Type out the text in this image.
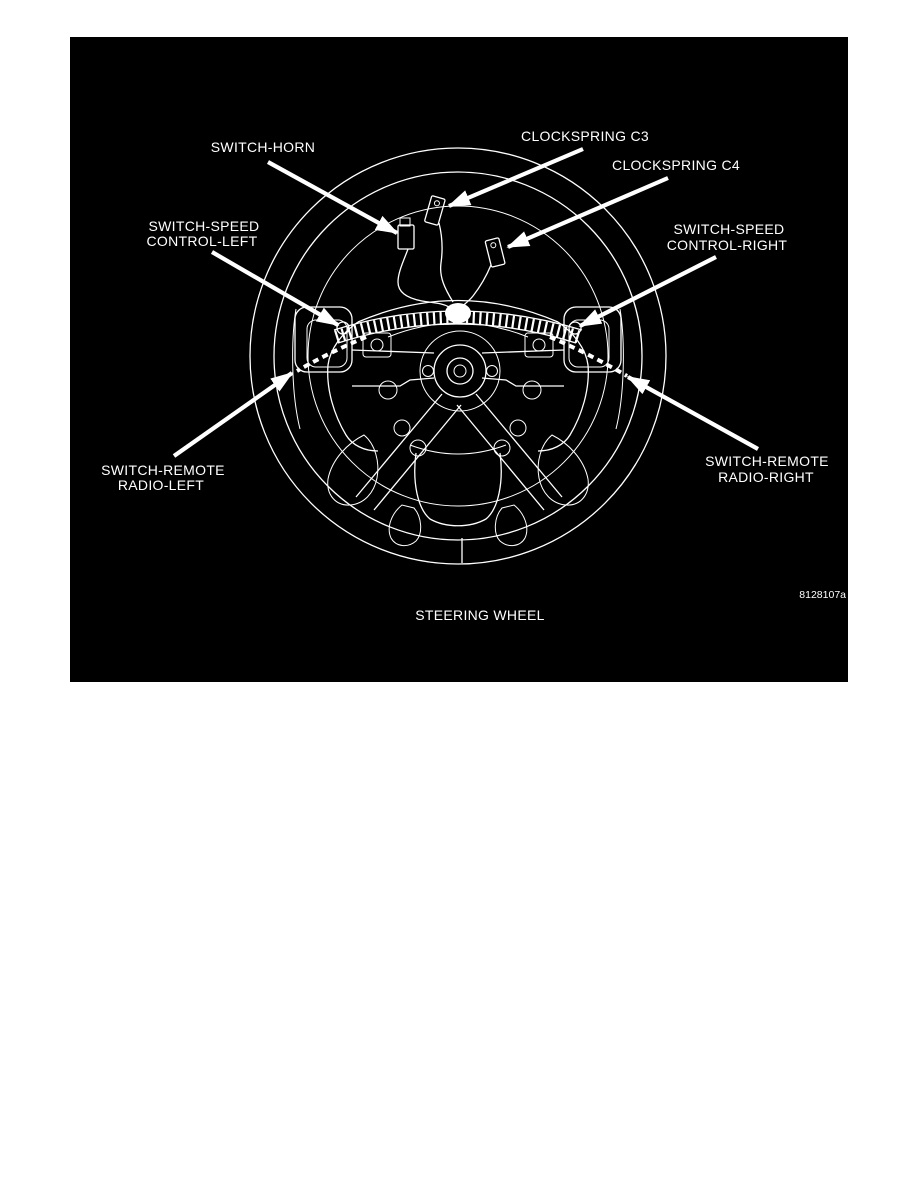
SWITCH-HORN
CLOCKSPRING C3
CLOCKSPRING C4
SWITCH-SPEED
CONTROL-LEFT
SWITCH-SPEED
CONTROL-RIGHT
SWITCH-REMOTE
RADIO-LEFT
SWITCH-REMOTE
RADIO-RIGHT
8128107a
STEERING WHEEL
